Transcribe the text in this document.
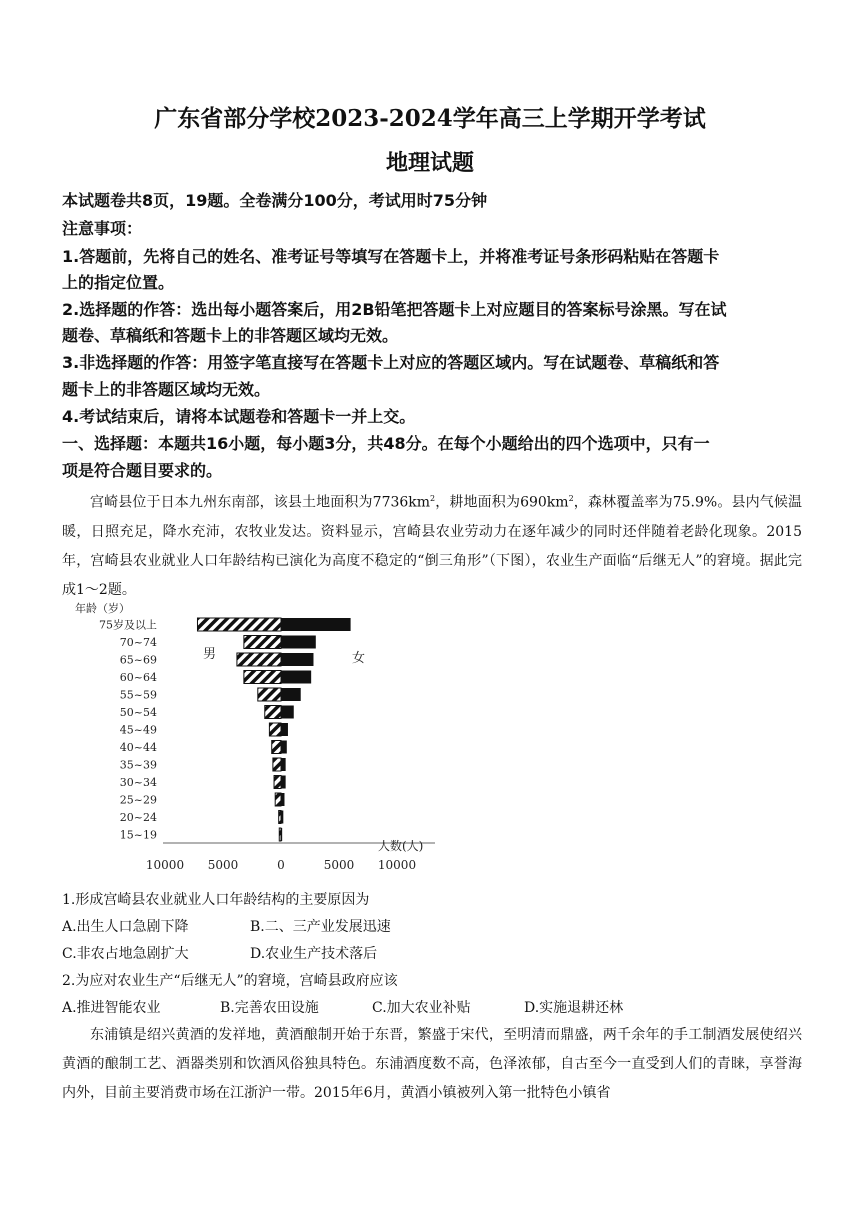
广东省部分学校2023-2024学年高三上学期开学考试
地理试题
本试题卷共8页，19题。全卷满分100分，考试用时75分钟
注意事项：
1.答题前，先将自己的姓名、准考证号等填写在答题卡上，并将准考证号条形码粘贴在答题卡
上的指定位置。
2.选择题的作答：选出每小题答案后，用2B铅笔把答题卡上对应题目的答案标号涂黑。写在试
题卷、草稿纸和答题卡上的非答题区域均无效。
3.非选择题的作答：用签字笔直接写在答题卡上对应的答题区域内。写在试题卷、草稿纸和答
题卡上的非答题区域均无效。
4.考试结束后，请将本试题卷和答题卡一并上交。
一、选择题：本题共16小题，每小题3分，共48分。在每个小题给出的四个选项中，只有一
项是符合题目要求的。
宫崎县位于日本九州东南部，该县土地面积为$7736km^2$，耕地面积为$690km^2$，森林覆盖率为75.9%。县内气候温暖，日照充足，降水充沛，农牧业发达。资料显示，宫崎县农业劳动力在逐年减少的同时还伴随着老龄化现象。2015年，宫崎县农业就业人口年龄结构已演化为高度不稳定的“倒三角形”（下图），农业生产面临“后继无人”的窘境。据此完成1～2题。
年龄（岁）
75岁及以上
70~74
65~69
60~64
55~59
50~54
45~49
40~44
35~39
30~34
25~29
20~24
15~19
男	女
10000 5000	0	5000 10000
人数(人)
1.形成宫崎县农业就业人口年龄结构的主要原因为
A.出生人口急剧下降	B.二、三产业发展迅速
C.非农占地急剧扩大	D.农业生产技术落后
2.为应对农业生产“后继无人”的窘境，宫崎县政府应该
A.推进智能农业	B.完善农田设施	C.加大农业补贴	D.实施退耕还林
东浦镇是绍兴黄酒的发祥地，黄酒酿制开始于东晋，繁盛于宋代，至明清而鼎盛，两千余年的手工制酒发展使绍兴黄酒的酿制工艺、酒器类别和饮酒风俗独具特色。东浦酒度数不高，色泽浓郁，自古至今一直受到人们的青睐，享誉海内外，目前主要消费市场在江浙沪一带。2015年6月，黄酒小镇被列入第一批特色小镇省
